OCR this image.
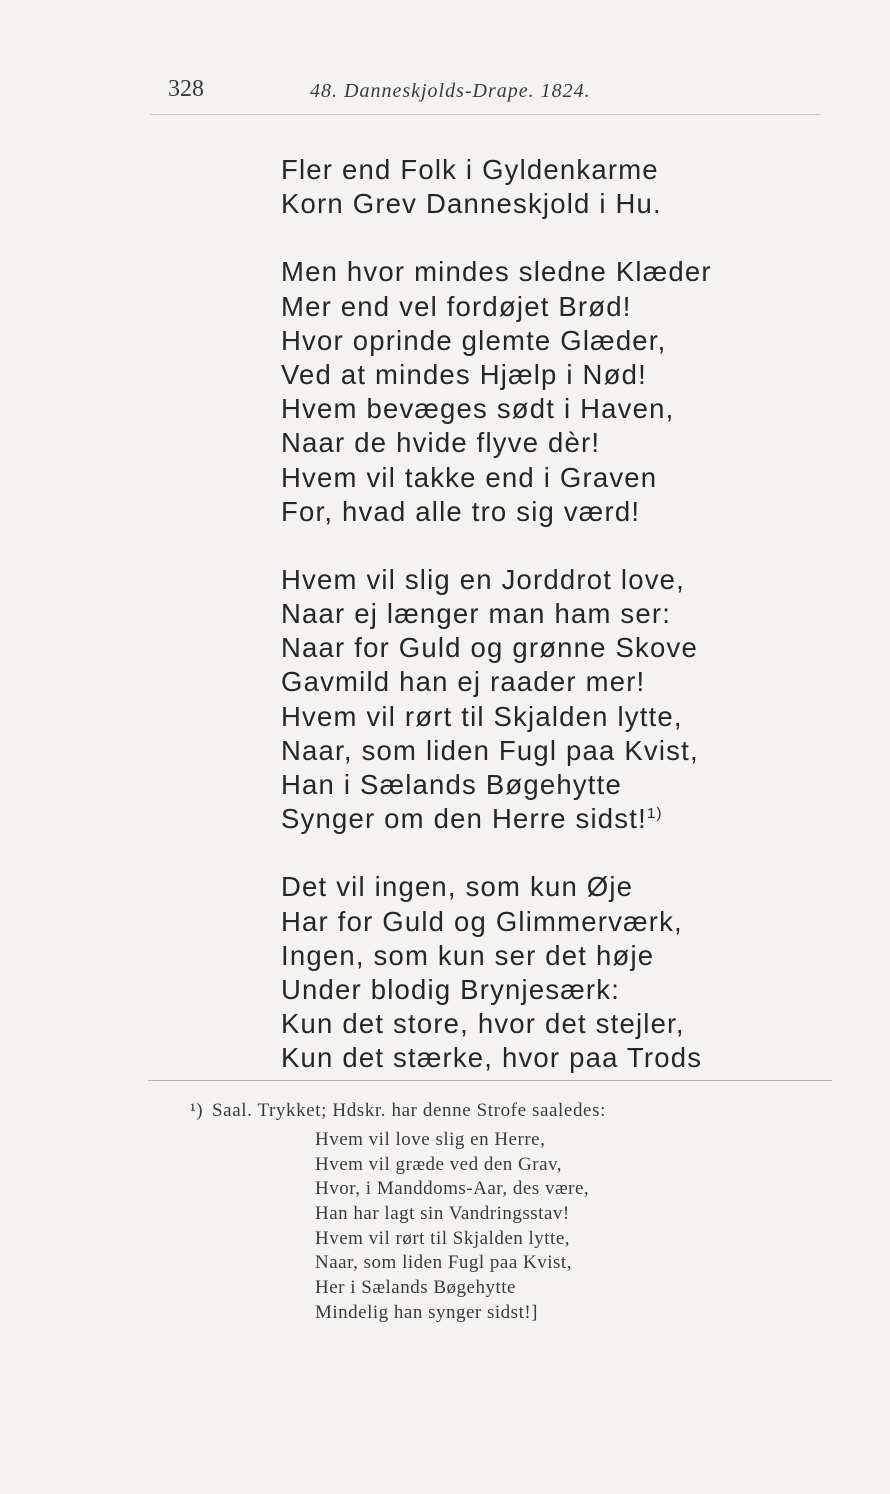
328	48. Danneskjolds-Drape. 1824.
Fler end Folk i Gyldenkarme
Korn Grev Danneskjold i Hu.
Men hvor mindes sledne Klæder
Mer end vel fordøjet Brød!
Hvor oprinde glemte Glæder,
Ved at mindes Hjælp i Nød!
Hvem bevæges sødt i Haven,
Naar de hvide flyve dèr!
Hvem vil takke end i Graven
For, hvad alle tro sig værd!
Hvem vil slig en Jorddrot love,
Naar ej længer man ham ser:
Naar for Guld og grønne Skove
Gavmild han ej raader mer!
Hvem vil rørt til Skjalden lytte,
Naar, som liden Fugl paa Kvist,
Han i Sælands Bøgehytte
Synger om den Herre sidst!$^{1)}$
Det vil ingen, som kun Øje
Har for Guld og Glimmerværk,
Ingen, som kun ser det høje
Under blodig Brynjesærk:
Kun det store, hvor det stejler,
Kun det stærke, hvor paa Trods
¹) Saal. Trykket; Hdskr. har denne Strofe saaledes:
Hvem vil love slig en Herre,
Hvem vil græde ved den Grav,
Hvor, i Manddoms-Aar, des være,
Han har lagt sin Vandringsstav!
Hvem vil rørt til Skjalden lytte,
Naar, som liden Fugl paa Kvist,
Her i Sælands Bøgehytte
Mindelig han synger sidst!]
